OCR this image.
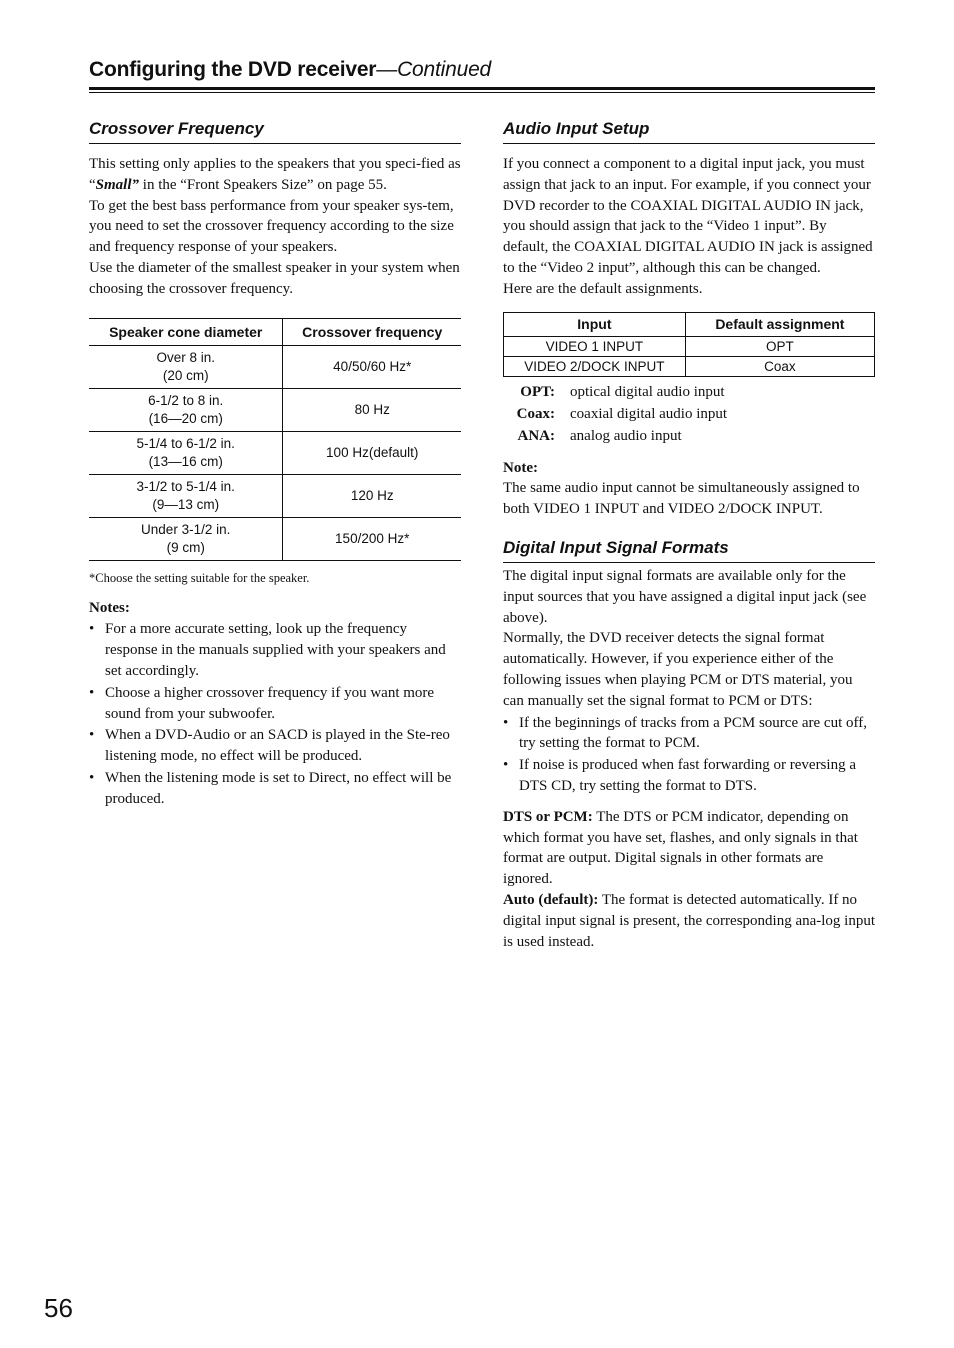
Configuring the DVD receiver—Continued
Crossover Frequency

This setting only applies to the speakers that you speci-fied as “Small” in the “Front Speakers Size” on page 55.

To get the best bass performance from your speaker sys-tem, you need to set the crossover frequency according to the size and frequency response of your speakers.

Use the diameter of the smallest speaker in your system when choosing the crossover frequency.

Speaker cone diameter	Crossover frequency

Over 8 in.
(20 cm)	40/50/60 Hz*

6-1/2 to 8 in.
(16—20 cm)	80 Hz

5-1/4 to 6-1/2 in.
(13—16 cm)	100 Hz(default)

3-1/2 to 5-1/4 in.
(9—13 cm)	120 Hz

Under 3-1/2 in.
(9 cm)	150/200 Hz*
*Choose the setting suitable for the speaker.
Notes:
• For a more accurate setting, look up the frequency response in the manuals supplied with your speakers and set accordingly.
• Choose a higher crossover frequency if you want more sound from your subwoofer.
• When a DVD-Audio or an SACD is played in the Ste-reo listening mode, no effect will be produced.
• When the listening mode is set to Direct, no effect will be produced.
Audio Input Setup

If you connect a component to a digital input jack, you must assign that jack to an input. For example, if you connect your DVD recorder to the COAXIAL DIGITAL AUDIO IN jack, you should assign that jack to the “Video 1 input”. By default, the COAXIAL DIGITAL AUDIO IN jack is assigned to the “Video 2 input”, although this can be changed.

Here are the default assignments.

Input	Default assignment
VIDEO 1 INPUT	OPT
VIDEO 2/DOCK INPUT	Coax
OPT:	optical digital audio input
Coax:	coaxial digital audio input
ANA:	analog audio input
Note:
The same audio input cannot be simultaneously assigned to both VIDEO 1 INPUT and VIDEO 2/DOCK INPUT.
Digital Input Signal Formats

The digital input signal formats are available only for the input sources that you have assigned a digital input jack (see above).

Normally, the DVD receiver detects the signal format automatically. However, if you experience either of the following issues when playing PCM or DTS material, you can manually set the signal format to PCM or DTS:

• If the beginnings of tracks from a PCM source are cut off, try setting the format to PCM.
• If noise is produced when fast forwarding or reversing a DTS CD, try setting the format to DTS.

DTS or PCM: The DTS or PCM indicator, depending on which format you have set, flashes, and only signals in that format are output. Digital signals in other formats are ignored.

Auto (default): The format is detected automatically. If no digital input signal is present, the corresponding ana-log input is used instead.

56
